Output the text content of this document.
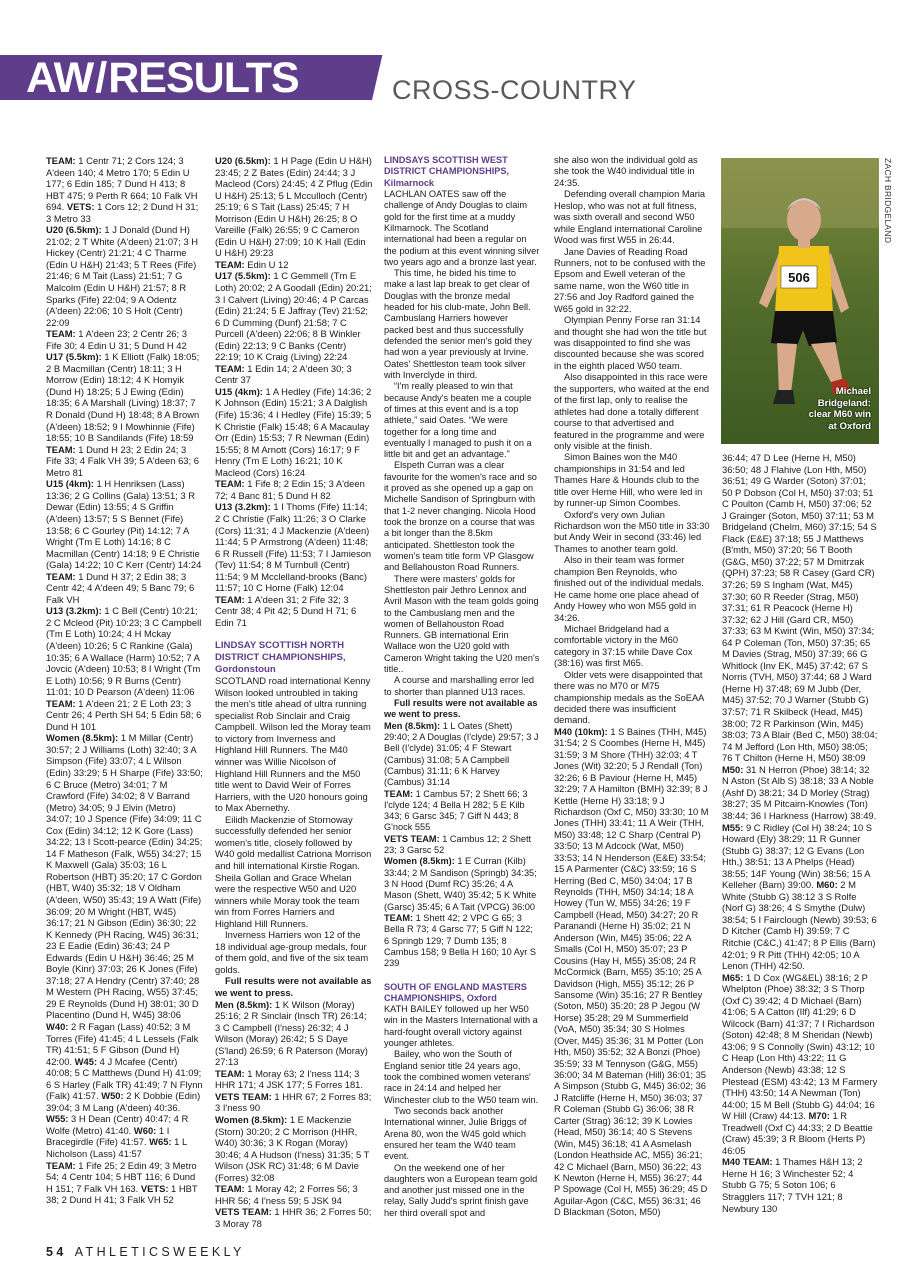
AW/RESULTS	CROSS-COUNTRY

TEAM: 1 Centr 71; 2 Cors 124; 3 A'deen 140; 4 Metro 170; 5 Edin U 177; 6 Edin 185; 7 Dund H 413; 8 HBT 475; 9 Perth R 664; 10 Falk VH 694. VETS: 1 Cors 12; 2 Dund H 31; 3 Metro 33

U20 (6.5km): 1 J Donald (Dund H) 21:02; 2 T White (A'deen) 21:07; 3 H Hickey (Centr) 21:21; 4 C Tharme (Edin U H&H) 21:43; 5 T Rees (Fife) 21:46; 6 M Tait (Lass) 21:51; 7 G Malcolm (Edin U H&H) 21:57; 8 R Sparks (Fife) 22:04; 9 A Odentz (A'deen) 22:06; 10 S Holt (Centr) 22:09

TEAM: 1 A'deen 23; 2 Centr 26; 3 Fife 30; 4 Edin U 31; 5 Dund H 42

U17 (5.5km): 1 K Elliott (Falk) 18:05; 2 B Macmillan (Centr) 18:11; 3 H Morrow (Edin) 18:12; 4 K Homyik (Dund H) 18:25; 5 J Ewing (Edin) 18:35; 6 A Marshall (Living) 18:37; 7 R Donald (Dund H) 18:48; 8 A Brown (A'deen) 18:52; 9 I Mowhinnie (Fife) 18:55; 10 B Sandilands (Fife) 18:59

TEAM: 1 Dund H 23; 2 Edin 24; 3 Fife 33; 4 Falk VH 39; 5 A'deen 63; 6 Metro 81

U15 (4km): 1 H Henriksen (Lass) 13:36; 2 G Collins (Gala) 13:51; 3 R Dewar (Edin) 13:55; 4 S Griffin (A'deen) 13:57; 5 S Bennet (Fife) 13:58; 6 C Gourley (Pit) 14:12; 7 A Wright (Tm E Loth) 14:16; 8 C Macmillan (Centr) 14:18; 9 E Christie (Gala) 14:22; 10 C Kerr (Centr) 14:24

TEAM: 1 Dund H 37; 2 Edin 38; 3 Centr 42; 4 A'deen 49; 5 Banc 79; 6 Falk VH

U13 (3.2km): 1 C Bell (Centr) 10:21; 2 C Mcleod (Pit) 10:23; 3 C Campbell (Tm E Loth) 10:24; 4 H Mckay (A'deen) 10:26; 5 C Rankine (Gala) 10:35; 6 A Wallace (Harm) 10:52; 7 A Jovcic (A'deen) 10:53; 8 I Wright (Tm E Loth) 10:56; 9 R Burns (Centr) 11:01; 10 D Pearson (A'deen) 11:06

TEAM: 1 A'deen 21; 2 E Loth 23; 3 Centr 26; 4 Perth SH 54; 5 Edin 58; 6 Dund H 101

Women (8.5km): 1 M Millar (Centr) 30:57; 2 J Williams (Loth) 32:40; 3 A Simpson (Fife) 33:07; 4 L Wilson (Edin) 33:29; 5 H Sharpe (Fife) 33:50; 6 C Bruce (Metro) 34:01; 7 M Crawford (Fife) 34:02; 8 V Barrand (Metro) 34:05; 9 J Elvin (Metro) 34:07; 10 J Spence (Fife) 34:09; 11 C Cox (Edin) 34:12; 12 K Gore (Lass) 34:22; 13 I Scott-pearce (Edin) 34:25; 14 F Matheson (Falk, W55) 34:27; 15 K Maxwell (Gala) 35:03; 16 L Robertson (HBT) 35:20; 17 C Gordon (HBT, W40) 35:32; 18 V Oldham (A'deen, W50) 35:43; 19 A Watt (Fife) 36:09; 20 M Wright (HBT, W45) 36:17; 21 N Gibson (Edin) 36:30; 22 K Kennedy (PH Racing, W45) 36:31; 23 E Eadie (Edin) 36:43; 24 P Edwards (Edin U H&H) 36:46; 25 M Boyle (Kinr) 37:03; 26 K Jones (Fife) 37:18; 27 A Hendry (Centr) 37:40; 28 M Western (PH Racing, W55) 37:45; 29 E Reynolds (Dund H) 38:01; 30 D Placentino (Dund H, W45) 38:06

W40: 2 R Fagan (Lass) 40:52; 3 M Torres (Fife) 41:45; 4 L Lessels (Falk TR) 41:51; 5 F Gibson (Dund H) 42:00. W45: 4 J Mcafee (Centr) 40:08; 5 C Matthews (Dund H) 41:09; 6 S Harley (Falk TR) 41:49; 7 N Flynn (Falk) 41:57. W50: 2 K Dobbie (Edin) 39:04; 3 M Lang (A'deen) 40:36. W55: 3 H Dean (Centr) 40:47; 4 R Wolfe (Metro) 41:40. W60: 1 I Bracegirdle (Fife) 41:57. W65: 1 L Nicholson (Lass) 41:57

TEAM: 1 Fife 25; 2 Edin 49; 3 Metro 54; 4 Centr 104; 5 HBT 116; 6 Dund H 151; 7 Falk VH 163. VETS: 1 HBT 38; 2 Dund H 41; 3 Falk VH 52

U20 (6.5km): 1 H Page (Edin U H&H) 23:45; 2 Z Bates (Edin) 24:44; 3 J Macleod (Cors) 24:45; 4 Z Pflug (Edin U H&H) 25:13; 5 L Mcculloch (Centr) 25:19; 6 S Tait (Lass) 25:45; 7 H Morrison (Edin U H&H) 26:25; 8 O Vareille (Falk) 26:55; 9 C Cameron (Edin U H&H) 27:09; 10 K Hall (Edin U H&H) 29:23

TEAM: Edin U 12

U17 (5.5km): 1 C Gemmell (Tm E Loth) 20:02; 2 A Goodall (Edin) 20:21; 3 I Calvert (Living) 20:46; 4 P Carcas (Edin) 21:24; 5 E Jaffray (Tev) 21:52; 6 D Cumming (Dunf) 21:58; 7 C Purcell (A'deen) 22:06; 8 B Winkler (Edin) 22:13; 9 C Banks (Centr) 22:19; 10 K Craig (Living) 22:24

TEAM: 1 Edin 14; 2 A'deen 30; 3 Centr 37

U15 (4km): 1 A Hedley (Fife) 14:36; 2 K Johnson (Edin) 15:21; 3 A Dalglish (Fife) 15:36; 4 I Hedley (Fife) 15:39; 5 K Christie (Falk) 15:48; 6 A Macaulay Orr (Edin) 15:53; 7 R Newman (Edin) 15:55; 8 M Arnott (Cors) 16:17; 9 F Henry (Tm E Loth) 16:21; 10 K Macleod (Cors) 16:24

TEAM: 1 Fife 8; 2 Edin 15; 3 A'deen 72; 4 Banc 81; 5 Dund H 82

U13 (3.2km): 1 I Thoms (Fife) 11:14; 2 C Christie (Falk) 11:26; 3 O Clarke (Cors) 11:31; 4 J Mackenzie (A'deen) 11:44; 5 P Armstrong (A'deen) 11:48; 6 R Russell (Fife) 11:53; 7 I Jamieson (Tev) 11:54; 8 M Turnbull (Centr) 11:54; 9 M Mcclelland-brooks (Banc) 11:57; 10 C Horne (Falk) 12:04

TEAM: 1 A'deen 31; 2 Fife 32; 3 Centr 38; 4 Pit 42; 5 Dund H 71; 6 Edin 71

LINDSAY SCOTTISH NORTH DISTRICT CHAMPIONSHIPS, Gordonstoun

SCOTLAND road international Kenny Wilson looked untroubled in taking the men's title ahead of ultra running specialist Rob Sinclair and Craig Campbell. Wilson led the Moray team to victory from Inverness and Highland Hill Runners. The M40 winner was Willie Nicolson of Highland Hill Runners and the M50 title went to David Weir of Forres Harriers, with the U20 honours going to Max Abernethy.

Eilidh Mackenzie of Stornoway successfully defended her senior women's title, closely followed by W40 gold medallist Catriona Morrison and hill international Kirstie Rogan. Sheila Gollan and Grace Whelan were the respective W50 and U20 winners while Moray took the team win from Forres Harriers and Highland Hill Runners.

Inverness Harriers won 12 of the 18 individual age-group medals, four of them gold, and five of the six team golds.

Full results were not available as we went to press.

Men (8.5km): 1 K Wilson (Moray) 25:16; 2 R Sinclair (Insch TR) 26:14; 3 C Campbell (I'ness) 26:32; 4 J Wilson (Moray) 26:42; 5 S Daye (S'land) 26:59; 6 R Paterson (Moray) 27:13

TEAM: 1 Moray 63; 2 I'ness 114; 3 HHR 171; 4 JSK 177; 5 Forres 181.

VETS TEAM: 1 HHR 67; 2 Forres 83; 3 I'ness 90

Women (8.5km): 1 E Mackenzie (Storn) 30:20; 2 C Morrison (HHR, W40) 30:36; 3 K Rogan (Moray) 30:46; 4 A Hudson (I'ness) 31:35; 5 T Wilson (JSK RC) 31:48; 6 M Davie (Forres) 32:08

TEAM: 1 Moray 42; 2 Forres 56; 3 HHR 56; 4 I'ness 59; 5 JSK 94

VETS TEAM: 1 HHR 36; 2 Forres 50; 3 Moray 78

LINDSAYS SCOTTISH WEST DISTRICT CHAMPIONSHIPS, Kilmarnock

LACHLAN OATES saw off the challenge of Andy Douglas to claim gold for the first time at a muddy Kilmarnock. The Scotland international had been a regular on the podium at this event winning silver two years ago and a bronze last year.

This time, he bided his time to make a last lap break to get clear of Douglas with the bronze medal headed for his club-mate, John Bell. Cambuslang Harriers however packed best and thus successfully defended the senior men's gold they had won a year previously at Irvine. Oates' Shettleston team took silver with Inverclyde in third.

“I'm really pleased to win that because Andy's beaten me a couple of times at this event and is a top athlete,” said Oates. “We were together for a long time and eventually I managed to push it on a little bit and get an advantage.”

Elspeth Curran was a clear favourite for the women's race and so it proved as she opened up a gap on Michelle Sandison of Springburn with that 1-2 never changing. Nicola Hood took the bronze on a course that was a bit longer than the 8.5km anticipated. Shettleston took the women's team title form VP Glasgow and Bellahouston Road Runners.

There were masters' golds for Shettleston pair Jethro Lennox and Avril Mason with the team golds going to the Cambuslang men and the women of Bellahouston Road Runners. GB international Erin Wallace won the U20 gold with Cameron Wright taking the U20 men's title..

A course and marshalling error led to shorter than planned U13 races.

Full results were not available as we went to press.

Men (8.5km): 1 L Oates (Shett) 29:40; 2 A Douglas (I'clyde) 29:57; 3 J Bell (I'clyde) 31:05; 4 F Stewart (Cambus) 31:08; 5 A Campbell (Cambus) 31:11; 6 K Harvey (Cambus) 31:14

TEAM: 1 Cambus 57; 2 Shett 66; 3 I'clyde 124; 4 Bella H 282; 5 E Kilb 343; 6 Garsc 345; 7 Giff N 443; 8 G'nock 555

VETS TEAM: 1 Cambus 12; 2 Shett 23; 3 Garsc 52

Women (8.5km): 1 E Curran (Kilb) 33:44; 2 M Sandison (Springb) 34:35; 3 N Hood (Dumf RC) 35:26; 4 A Mason (Shett, W40) 35:42; 5 K White (Garsc) 35:45; 6 A Tait (VPCG) 36:00

TEAM: 1 Shett 42; 2 VPC G 65; 3 Bella R 73; 4 Garsc 77; 5 Giff N 122; 6 Springb 129; 7 Dumb 135; 8 Cambus 158; 9 Bella H 160; 10 Ayr S 239

SOUTH OF ENGLAND MASTERS CHAMPIONSHIPS, Oxford

KATH BAILEY followed up her W50 win in the Masters International with a hard-fought overall victory against younger athletes.

Bailey, who won the South of England senior title 24 years ago, took the combined women veterans' race in 24:14 and helped her Winchester club to the W50 team win.

Two seconds back another International winner, Julie Briggs of Arena 80, won the W45 gold which ensured her team the W40 team event.

On the weekend one of her daughters won a European team gold and another just missed one in the relay, Sally Judd's sprint finish gave her third overall spot and

she also won the individual gold as she took the W40 individual title in 24:35.

Defending overall champion Maria Heslop, who was not at full fitness, was sixth overall and second W50 while England international Caroline Wood was first W55 in 26:44.

Jane Davies of Reading Road Runners, not to be confused with the Epsom and Ewell veteran of the same name, won the W60 title in 27:56 and Joy Radford gained the W65 gold in 32:22.

Olympian Penny Forse ran 31:14 and thought she had won the title but was disappointed to find she was discounted because she was scored in the eighth placed W50 team.

Also disappointed in this race were the supporters, who waited at the end of the first lap, only to realise the athletes had done a totally different course to that advertised and featured in the programme and were only visible at the finish.

Simon Baines won the M40 championships in 31:54 and led Thames Hare & Hounds club to the title over Herne Hill, who were led in by runner-up Simon Coombes.

Oxford's very own Julian Richardson won the M50 title in 33:30 but Andy Weir in second (33:46) led Thames to another team gold.

Also in their team was former champion Ben Reynolds, who finished out of the individual medals. He came home one place ahead of Andy Howey who won M55 gold in 34:26.

Michael Bridgeland had a comfortable victory in the M60 category in 37:15 while Dave Cox (38:16) was first M65.

Older vets were disappointed that there was no M70 or M75 championship medals as the SoEAA decided there was insufficient demand.

M40 (10km): 1 S Baines (THH, M45) 31:54; 2 S Coombes (Herne H, M45) 31:59; 3 M Shore (THH) 32:03; 4 T Jones (Wit) 32:20; 5 J Rendall (Ton) 32:26; 6 B Paviour (Herne H, M45) 32:29; 7 A Hamilton (BMH) 32:39; 8 J Kettle (Herne H) 33:18; 9 J Richardson (Oxf C, M50) 33:30; 10 M Jones (THH) 33:41; 11 A Weir (THH, M50) 33:48; 12 C Sharp (Central P) 33:50; 13 M Adcock (Wat, M50) 33:53; 14 N Henderson (E&E) 33:54; 15 A Parmenter (C&C) 33:59; 16 S Herring (Bed C, M50) 34:04; 17 B Reynolds (THH, M50) 34:14; 18 A Howey (Tun W, M55) 34:26; 19 F Campbell (Head, M50) 34:27; 20 R Paranandi (Herne H) 35:02; 21 N Anderson (Win, M45) 35:06; 22 A Smalls (Col H, M50) 35:07; 23 P Cousins (Hay H, M55) 35:08; 24 R McCormick (Barn, M55) 35:10; 25 A Davidson (High, M55) 35:12; 26 P Sansome (Win) 35:16; 27 R Bentley (Soton, M50) 35:20; 28 P Jegou (W Horse) 35:28; 29 M Summerfield (VoA, M50) 35:34; 30 S Holmes (Over, M45) 35:36; 31 M Potter (Lon Hth, M50) 35:52; 32 A Bonzi (Phoe) 35:59; 33 M Tennyson (G&G, M55) 36:00; 34 M Bateman (Hill) 36:01; 35 A Simpson (Stubb G, M45) 36:02; 36 J Ratcliffe (Herne H, M50) 36:03; 37 R Coleman (Stubb G) 36:06; 38 R Carter (Strag) 36:12; 39 K Lowies (Head, M50) 36:14; 40 S Stevens (Win, M45) 36:18; 41 A Asmelash (London Heathside AC, M55) 36:21; 42 C Michael (Barn, M50) 36:22; 43 K Newton (Herne H, M55) 36:27; 44 P Spowage (Col H, M55) 36:29; 45 D Aguilar-Agon (C&C, M55) 36:31; 46 D Blackman (Soton, M50)

506
Michael Bridgeland: clear M60 win at Oxford
ZACH BRIDGELAND

36:44; 47 D Lee (Herne H, M50) 36:50; 48 J Flahive (Lon Hth, M50) 36:51; 49 G Warder (Soton) 37:01; 50 P Dobson (Col H, M50) 37:03; 51 C Poulton (Camb H, M50) 37:06; 52 J Grainger (Soton, M50) 37:11; 53 M Bridgeland (Chelm, M60) 37:15; 54 S Flack (E&E) 37:18; 55 J Matthews (B'mth, M50) 37:20; 56 T Booth (G&G, M50) 37:22; 57 M Dmitrzak (QPH) 37:23; 58 R Casey (Gard CR) 37:26; 59 S Ingham (Wat, M45) 37:30; 60 R Reeder (Strag, M50) 37:31; 61 R Peacock (Herne H) 37:32; 62 J Hill (Gard CR, M50) 37:33; 63 M Kwint (Win, M50) 37:34; 64 P Coleman (Ton, M50) 37:35; 65 M Davies (Strag, M50) 37:39; 66 G Whitlock (Inv EK, M45) 37:42; 67 S Norris (TVH, M50) 37:44; 68 J Ward (Herne H) 37:48; 69 M Jubb (Der, M45) 37:52; 70 J Warner (Stubb G) 37:57; 71 R Skilbeck (Head, M45) 38:00; 72 R Parkinson (Win, M45) 38:03; 73 A Blair (Bed C, M50) 38:04; 74 M Jefford (Lon Hth, M50) 38:05; 76 T Chilton (Herne H, M50) 38:09 M50: 31 N Herron (Phoe) 38:14; 32 N Aston (St Alb S) 38:18; 33 A Noble (Ashf D) 38:21; 34 D Morley (Strag) 38:27; 35 M Pitcairn-Knowles (Ton) 38:44; 36 I Harkness (Harrow) 38:49. M55: 9 C Ridley (Col H) 38:24; 10 S Howard (Ely) 38:29; 11 R Gunner (Stubb G) 38:37; 12 G Evans (Lon Hth,) 38:51; 13 A Phelps (Head) 38:55; 14F Young (Win) 38:56; 15 A Kelleher (Barn) 39:00. M60: 2 M White (Stubb G) 38:12 3 S Rolfe (Norf G) 38:26; 4 S Smythe (Dulw) 38:54; 5 I Fairclough (Newb) 39:53; 6 D Kitcher (Camb H) 39:59; 7 C Ritchie (C&C,) 41:47; 8 P Ellis (Barn) 42:01; 9 R Pitt (THH) 42:05; 10 A Lenon (THH) 42:50.

M65: 1 D Cox (WG&EL) 38:16; 2 P Whelpton (Phoe) 38:32; 3 S Thorp (Oxf C) 39:42; 4 D Michael (Barn) 41:06; 5 A Catton (Ilf) 41:29; 6 D Wilcock (Barn) 41:37; 7 I Richardson (Soton) 42:48; 8 M Sheridan (Newb) 43:06; 9 S Connolly (Swin) 43:12; 10 C Heap (Lon Hth) 43:22; 11 G Anderson (Newb) 43:38; 12 S Plestead (ESM) 43:42; 13 M Farmery (THH) 43:50; 14 A Newman (Ton) 44:00; 15 M Bell (Stubb G) 44:04; 16 W Hill (Craw) 44:13. M70: 1 R Treadwell (Oxf C) 44:33; 2 D Beattie (Craw) 45:39; 3 R Bloom (Herts P) 46:05

M40 TEAM: 1 Thames H&H 13; 2 Herne H 16; 3 Winchester 52; 4 Stubb G 75; 5 Soton 106; 6 Stragglers 117; 7 TVH 121; 8 Newbury 130

54 ATHLETICSWEEKLY
